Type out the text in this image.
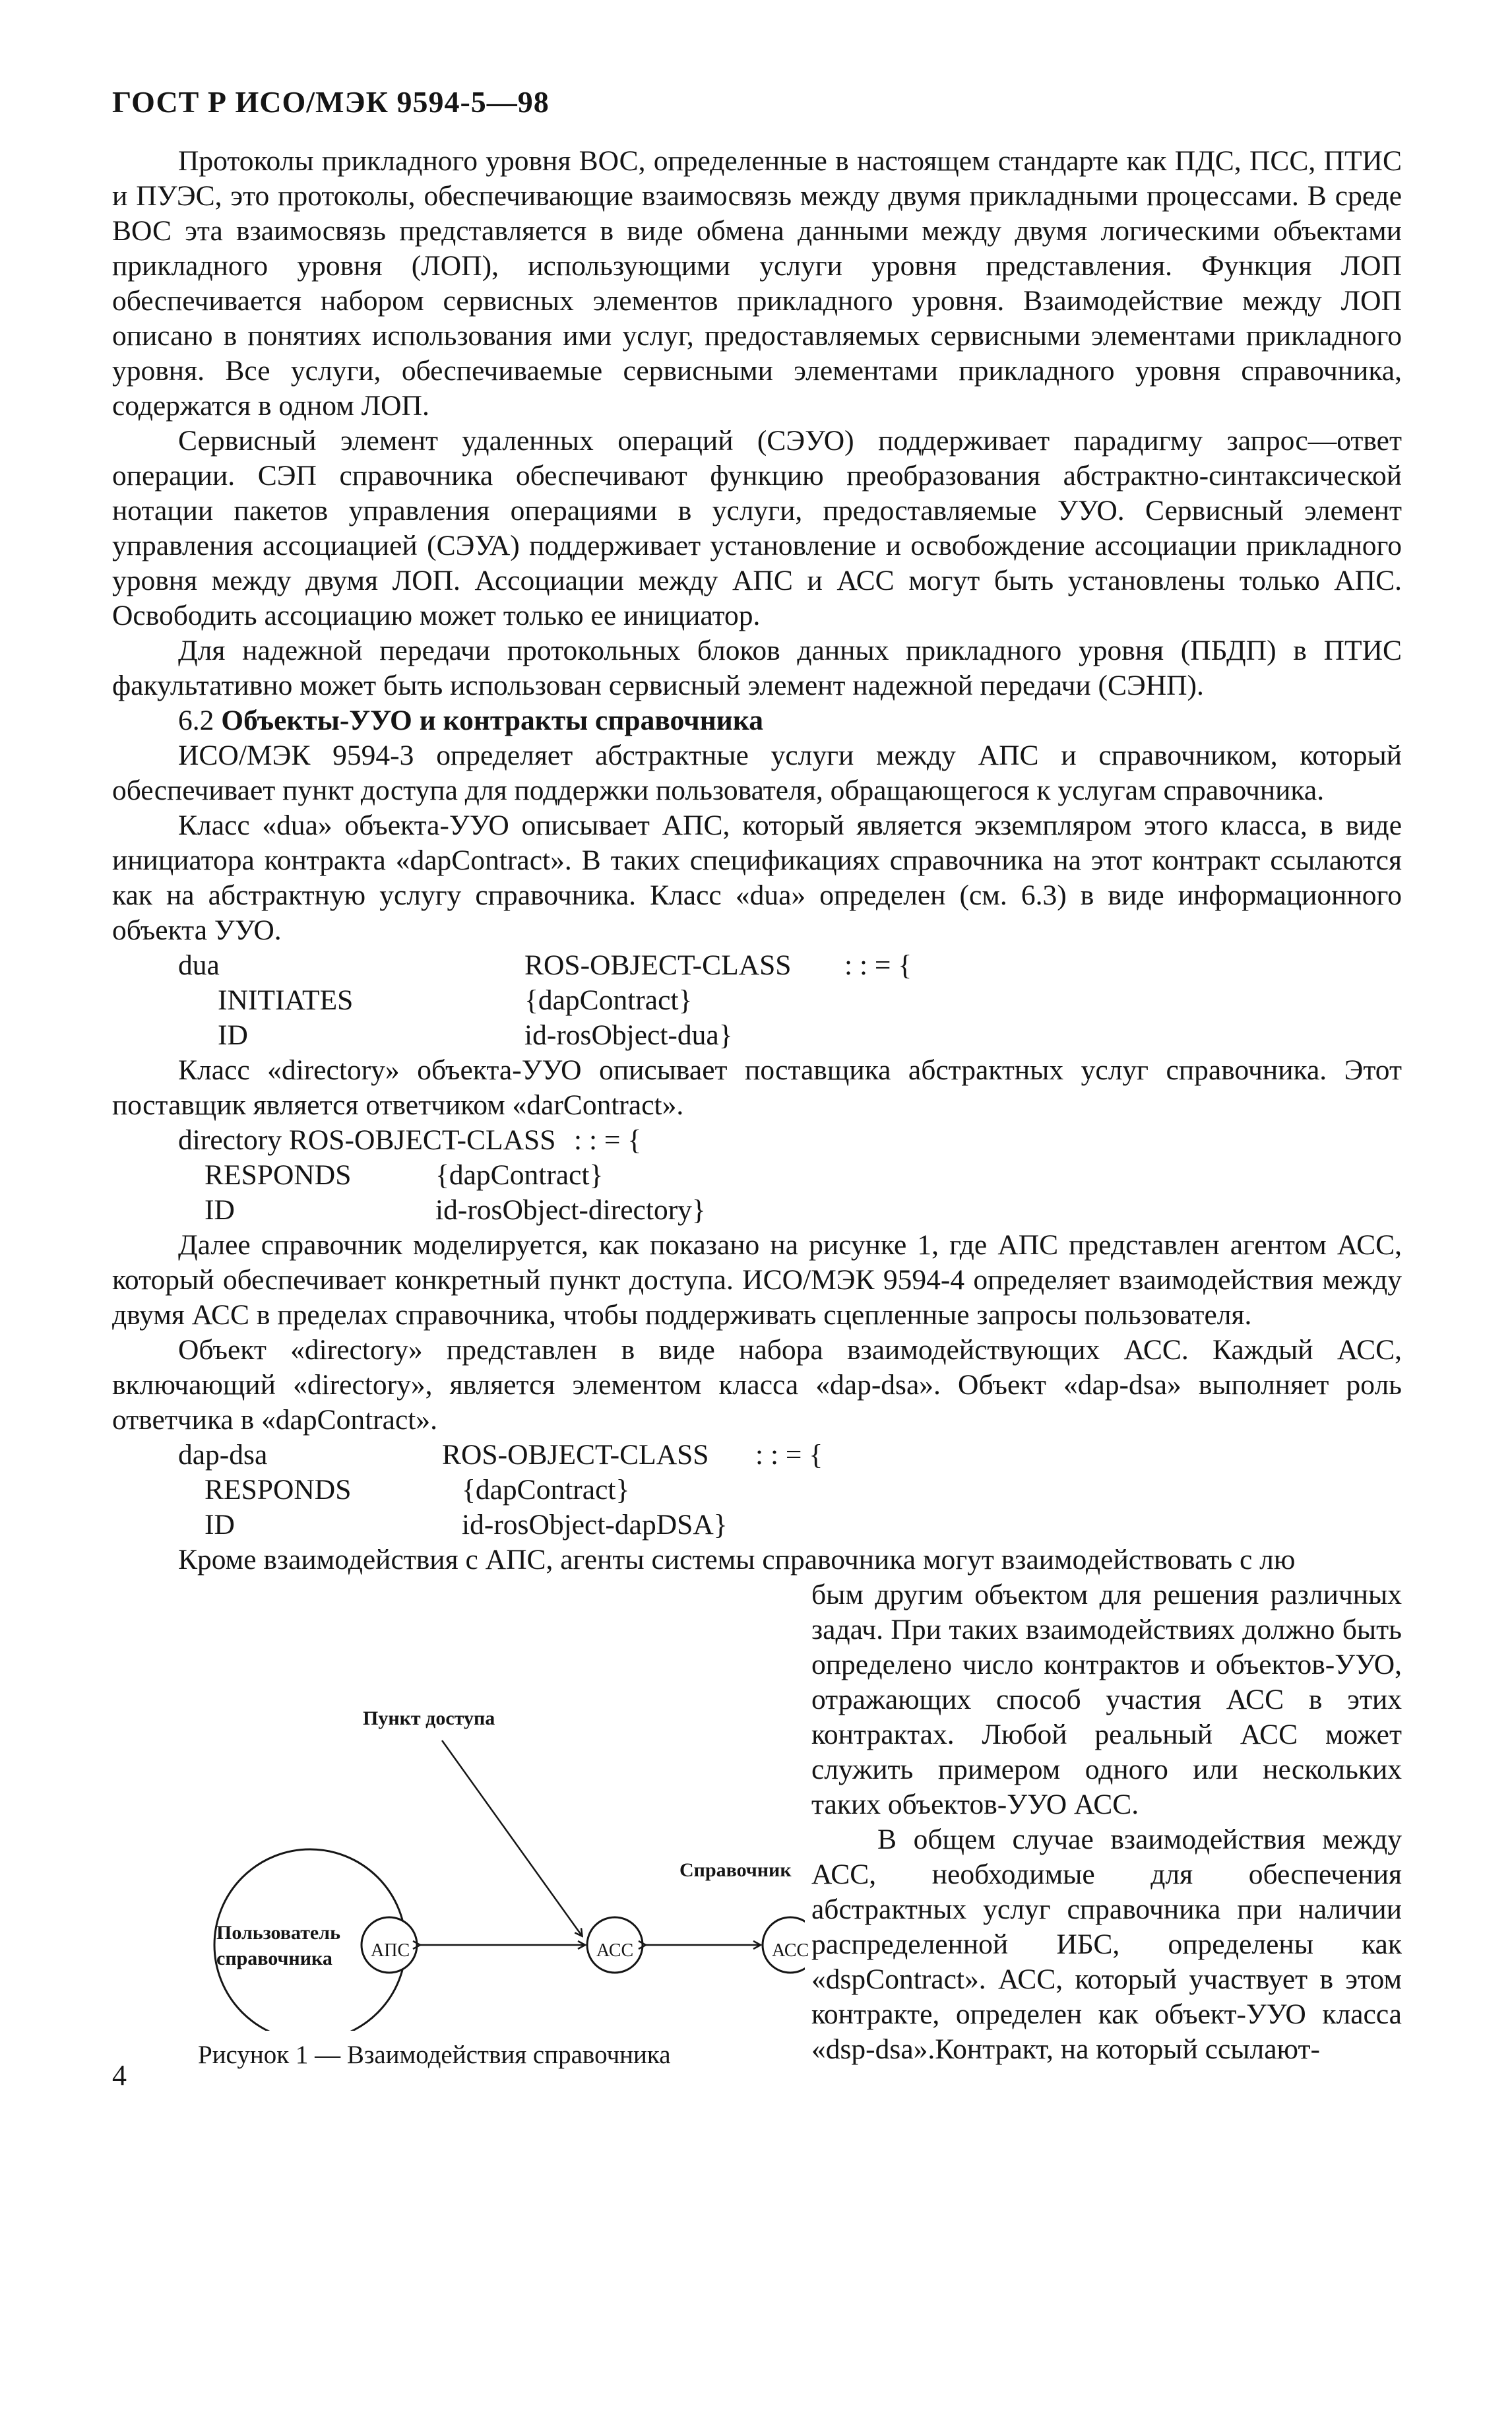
ГОСТ Р ИСО/МЭК 9594-5—98

Протоколы прикладного уровня ВОС, определенные в настоящем стандарте как ПДС, ПСС, ПТИС и ПУЭС, это протоколы, обеспечивающие взаимосвязь между двумя прикладными процессами. В среде ВОС эта взаимосвязь представляется в виде обмена данными между двумя логическими объектами прикладного уровня (ЛОП), использующими услуги уровня представления. Функция ЛОП обеспечивается набором сервисных элементов прикладного уровня. Взаимодействие между ЛОП описано в понятиях использования ими услуг, предоставляемых сервисными элементами прикладного уровня. Все услуги, обеспечиваемые сервисными элементами прикладного уровня справочника, содержатся в одном ЛОП.

Сервисный элемент удаленных операций (СЭУО) поддерживает парадигму запрос—ответ операции. СЭП справочника обеспечивают функцию преобразования абстрактно-синтаксической нотации пакетов управления операциями в услуги, предоставляемые УУО. Сервисный элемент управления ассоциацией (СЭУА) поддерживает установление и освобождение ассоциации прикладного уровня между двумя ЛОП. Ассоциации между АПС и АСС могут быть установлены только АПС. Освободить ассоциацию может только ее инициатор.

Для надежной передачи протокольных блоков данных прикладного уровня (ПБДП) в ПТИС факультативно может быть использован сервисный элемент надежной передачи (СЭНП).

6.2 Объекты-УУО и контракты справочника

ИСО/МЭК 9594-3 определяет абстрактные услуги между АПС и справочником, который обеспечивает пункт доступа для поддержки пользователя, обращающегося к услугам справочника.

Класс «dua» объекта-УУО описывает АПС, который является экземпляром этого класса, в виде инициатора контракта «dapContract». В таких спецификациях справочника на этот контракт ссылаются как на абстрактную услугу справочника. Класс «dua» определен (см. 6.3) в виде информационного объекта УУО.

dua	ROS-OBJECT-CLASS : : = {
INITIATES	{dapContract}
ID	id-rosObject-dua}

Класс «directory» объекта-УУО описывает поставщика абстрактных услуг справочника. Этот поставщик является ответчиком «darContract».

directory ROS-OBJECT-CLASS : : = {
RESPONDS	{dapContract}
ID	id-rosObject-directory}

Далее справочник моделируется, как показано на рисунке 1, где АПС представлен агентом АСС, который обеспечивает конкретный пункт доступа. ИСО/МЭК 9594-4 определяет взаимодействия между двумя АСС в пределах справочника, чтобы поддерживать сцепленные запросы пользователя.

Объект «directory» представлен в виде набора взаимодействующих АСС. Каждый АСС, включающий «directory», является элементом класса «dap-dsa». Объект «dap-dsa» выполняет роль ответчика в «dapContract».

dap-dsa	ROS-OBJECT-CLASS : : = {
RESPONDS	{dapContract}
ID	id-rosObject-dapDSA}

бым другим объектом для решения различных задач. При таких взаимодействиях должно быть определено число контрактов и объектов-УУО, отражающих способ участия АСС в этих контрактах. Любой реальный АСС может служить примером одного или нескольких таких объектов-УУО АСС.

В общем случае взаимодействия между АСС, необходимые для обеспечения абстрактных услуг справочника при наличии распределенной ИБС, определены как «dspContract». АСС, который участвует в этом контракте, определен как объект-УУО класса «dsp-dsa».Контракт, на который ссылают-

Кроме взаимодействия с АПС, агенты системы справочника могут взаимодействовать с лю

Пункт доступа
Справочник
Пользователь
справочника АПС	АСС	АСС
Рисунок 1 — Взаимодействия справочника
4
